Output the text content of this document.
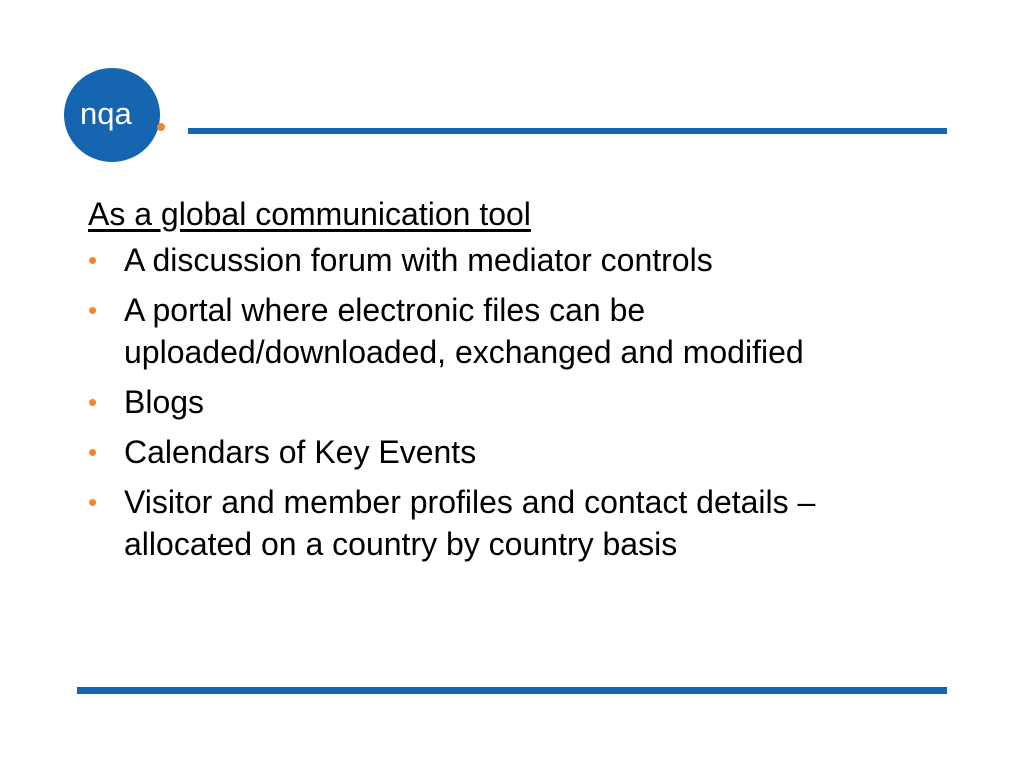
nqa

As a global communication tool

• A discussion forum with mediator controls
• A portal where electronic files can be uploaded/downloaded, exchanged and modified
• Blogs
• Calendars of Key Events
• Visitor and member profiles and contact details – allocated on a country by country basis
